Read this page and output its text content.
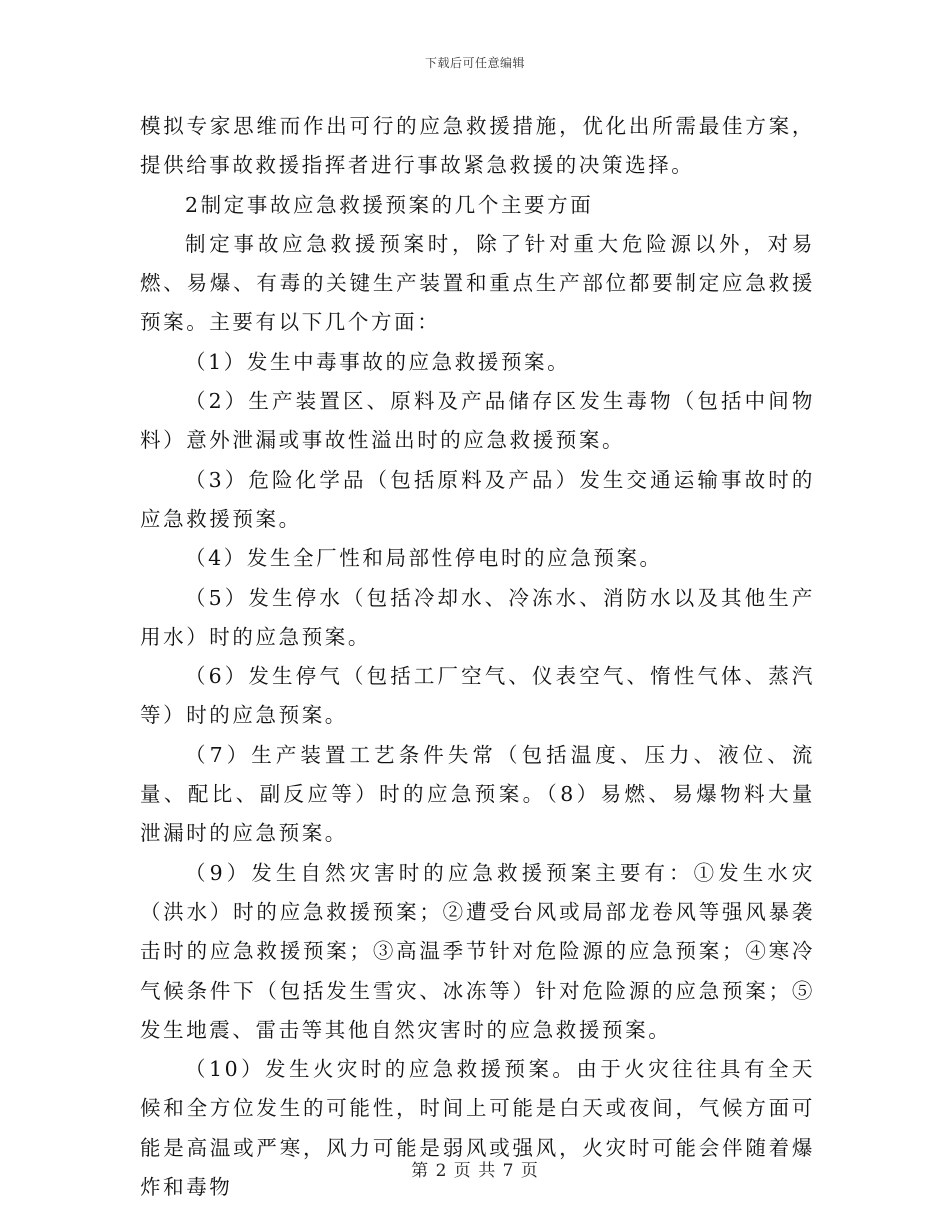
下载后可任意编辑

模拟专家思维而作出可行的应急救援措施，优化出所需最佳方案，提供给事故救援指挥者进行事故紧急救援的决策选择。

2制定事故应急救援预案的几个主要方面

制定事故应急救援预案时，除了针对重大危险源以外，对易燃、易爆、有毒的关键生产装置和重点生产部位都要制定应急救援预案。主要有以下几个方面：

（1）发生中毒事故的应急救援预案。

（2）生产装置区、原料及产品储存区发生毒物（包括中间物料）意外泄漏或事故性溢出时的应急救援预案。

（3）危险化学品（包括原料及产品）发生交通运输事故时的应急救援预案。

（4）发生全厂性和局部性停电时的应急预案。

（5）发生停水（包括冷却水、冷冻水、消防水以及其他生产用水）时的应急预案。

（6）发生停气（包括工厂空气、仪表空气、惰性气体、蒸汽等）时的应急预案。

（7）生产装置工艺条件失常（包括温度、压力、液位、流量、配比、副反应等）时的应急预案。（8）易燃、易爆物料大量泄漏时的应急预案。

（9）发生自然灾害时的应急救援预案主要有：①发生水灾（洪水）时的应急救援预案；②遭受台风或局部龙卷风等强风暴袭击时的应急救援预案；③高温季节针对危险源的应急预案；④寒冷气候条件下（包括发生雪灾、冰冻等）针对危险源的应急预案；⑤发生地震、雷击等其他自然灾害时的应急救援预案。

（10）发生火灾时的应急救援预案。由于火灾往往具有全天候和全方位发生的可能性，时间上可能是白天或夜间，气候方面可能是高温或严寒，风力可能是弱风或强风，火灾时可能会伴随着爆炸和毒物

第 2 页 共 7 页
